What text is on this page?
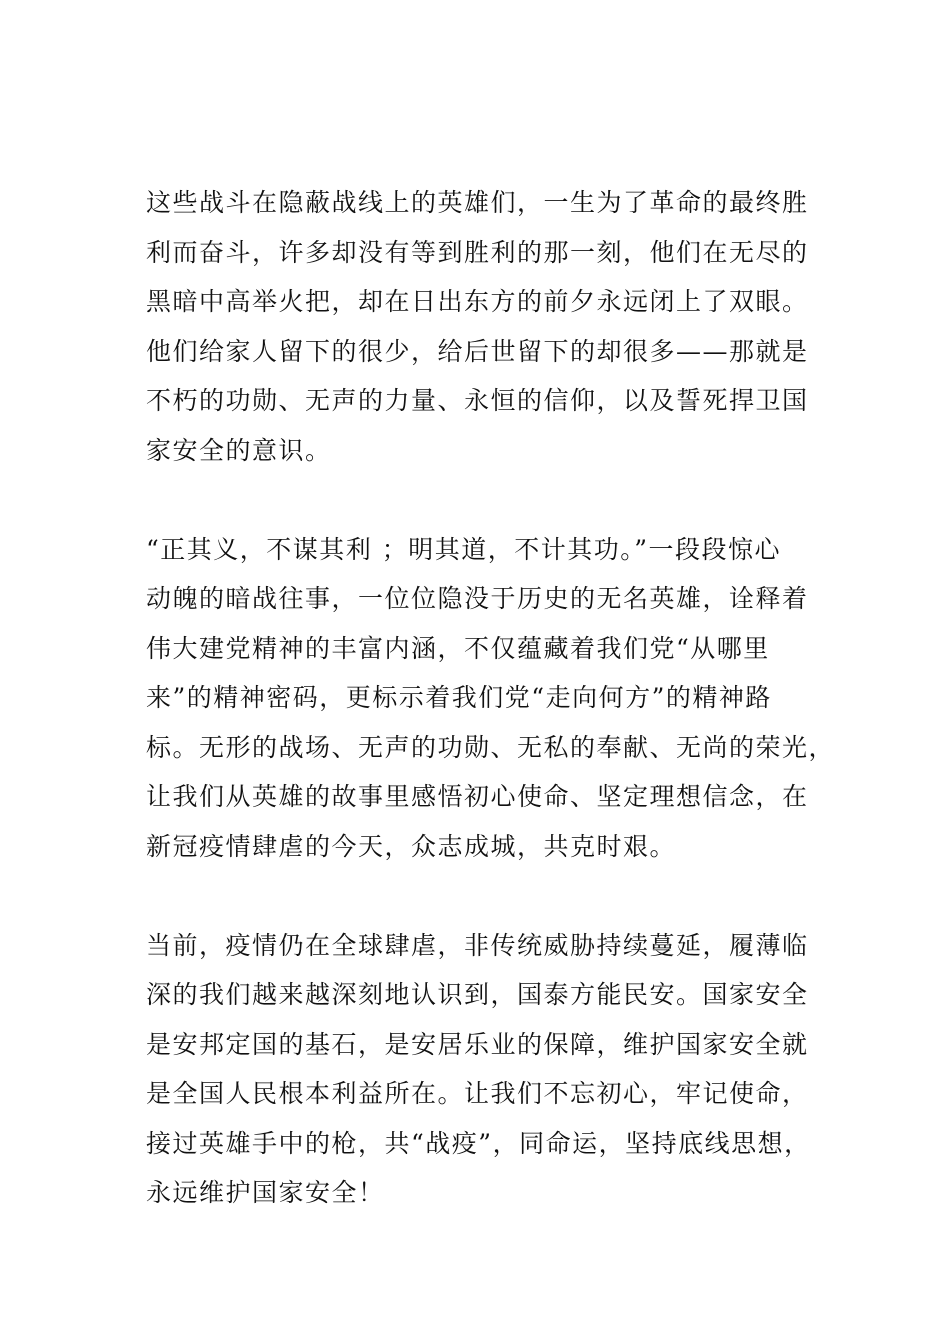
这些战斗在隐蔽战线上的英雄们，一生为了革命的最终胜
利而奋斗，许多却没有等到胜利的那一刻，他们在无尽的
黑暗中高举火把，却在日出东方的前夕永远闭上了双眼。
他们给家人留下的很少，给后世留下的却很多——那就是
不朽的功勋、无声的力量、永恒的信仰，以及誓死捍卫国
家安全的意识。

“正其义，不谋其利 ；明其道，不计其功。”一段段惊心
动魄的暗战往事，一位位隐没于历史的无名英雄，诠释着
伟大建党精神的丰富内涵，不仅蕴藏着我们党“从哪里
来”的精神密码，更标示着我们党“走向何方”的精神路
标。无形的战场、无声的功勋、无私的奉献、无尚的荣光，
让我们从英雄的故事里感悟初心使命、坚定理想信念，在
新冠疫情肆虐的今天，众志成城，共克时艰。

当前，疫情仍在全球肆虐，非传统威胁持续蔓延，履薄临
深的我们越来越深刻地认识到，国泰方能民安。国家安全
是安邦定国的基石，是安居乐业的保障，维护国家安全就
是全国人民根本利益所在。让我们不忘初心，牢记使命，
接过英雄手中的枪，共“战疫”，同命运，坚持底线思想，
永远维护国家安全！
